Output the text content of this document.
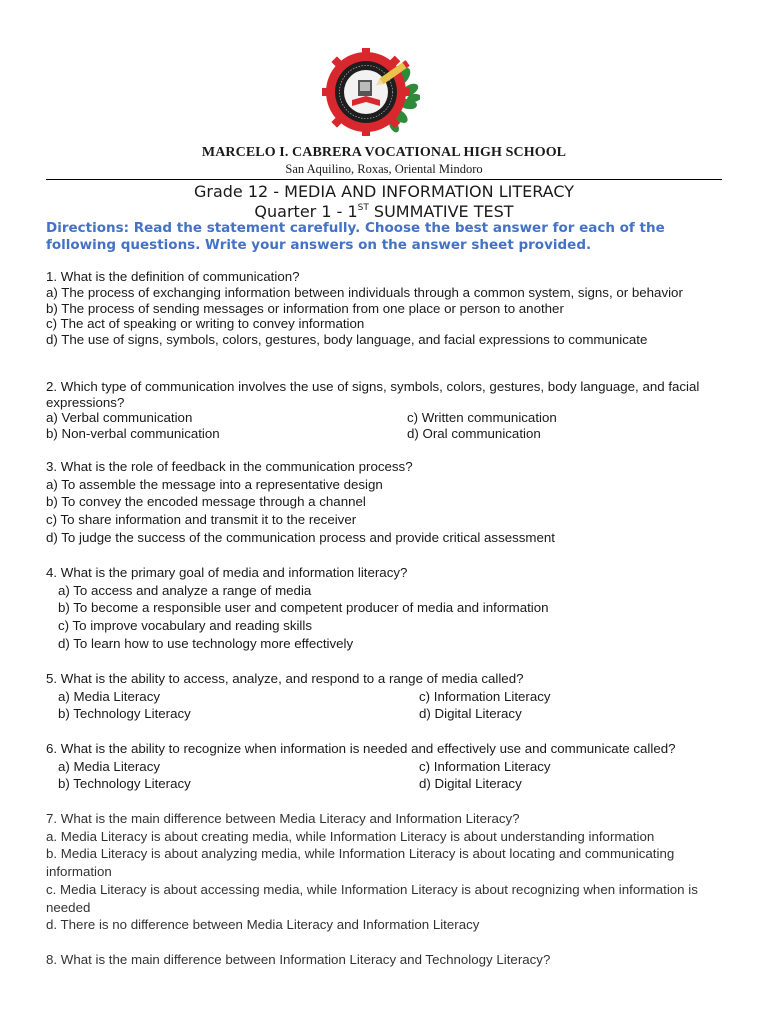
MARCELO I. CABRERA VOCATIONAL HIGH SCHOOL
San Aquilino, Roxas, Oriental Mindoro
Grade 12 - MEDIA AND INFORMATION LITERACY
Quarter 1 - 1ST SUMMATIVE TEST
Directions: Read the statement carefully. Choose the best answer for each of the following questions. Write your answers on the answer sheet provided.
1. What is the definition of communication?
a) The process of exchanging information between individuals through a common system, signs, or behavior
b) The process of sending messages or information from one place or person to another
c) The act of speaking or writing to convey information
d) The use of signs, symbols, colors, gestures, body language, and facial expressions to communicate
2. Which type of communication involves the use of signs, symbols, colors, gestures, body language, and facial expressions?
a) Verbal communication	c) Written communication
b) Non-verbal communication	d) Oral communication
3. What is the role of feedback in the communication process?
a) To assemble the message into a representative design
b) To convey the encoded message through a channel
c) To share information and transmit it to the receiver
d) To judge the success of the communication process and provide critical assessment
4. What is the primary goal of media and information literacy?
a) To access and analyze a range of media
b) To become a responsible user and competent producer of media and information
c) To improve vocabulary and reading skills
d) To learn how to use technology more effectively
5. What is the ability to access, analyze, and respond to a range of media called?
a) Media Literacy	c) Information Literacy
b) Technology Literacy	d) Digital Literacy
6. What is the ability to recognize when information is needed and effectively use and communicate called?
a) Media Literacy	c) Information Literacy
b) Technology Literacy	d) Digital Literacy
7. What is the main difference between Media Literacy and Information Literacy?
a. Media Literacy is about creating media, while Information Literacy is about understanding information
b. Media Literacy is about analyzing media, while Information Literacy is about locating and communicating information
c. Media Literacy is about accessing media, while Information Literacy is about recognizing when information is needed
d. There is no difference between Media Literacy and Information Literacy
8. What is the main difference between Information Literacy and Technology Literacy?
